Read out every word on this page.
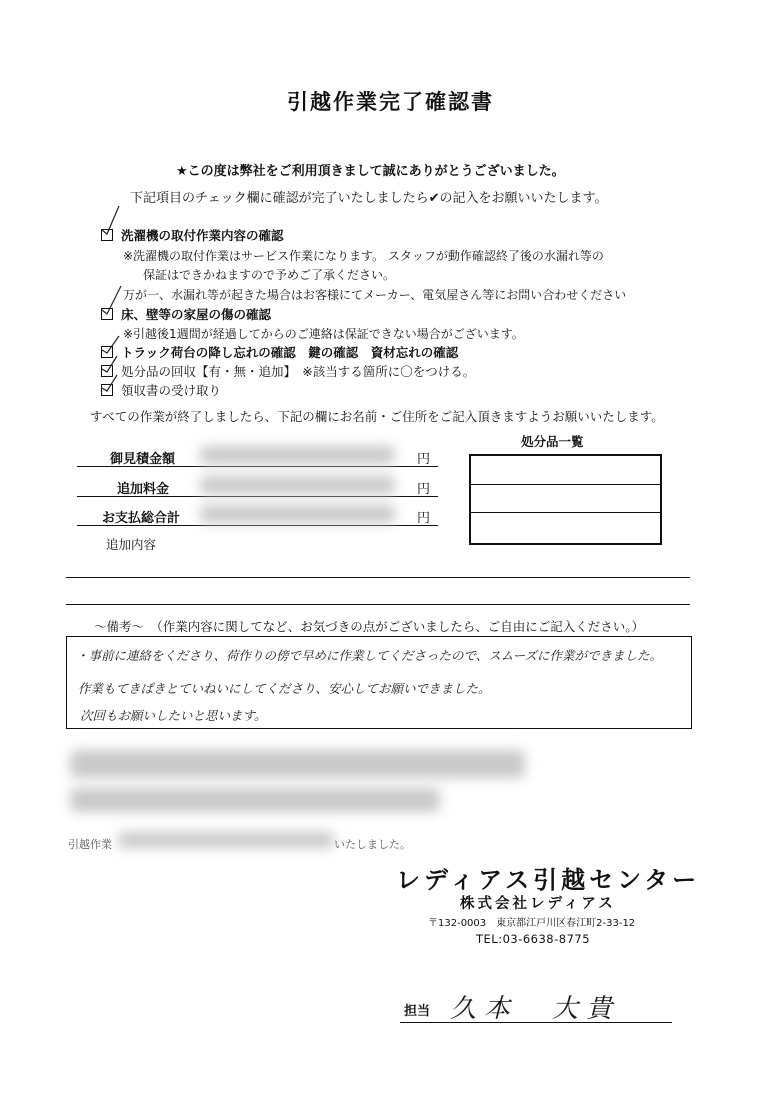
引越作業完了確認書
★この度は弊社をご利用頂きまして誠にありがとうございました。
下記項目のチェック欄に確認が完了いたしましたら✔の記入をお願いいたします。
洗濯機の取付作業内容の確認
※洗濯機の取付作業はサービス作業になります。 スタッフが動作確認終了後の水漏れ等の
保証はできかねますので予めご了承ください。
万が一、水漏れ等が起きた場合はお客様にてメーカー、電気屋さん等にお問い合わせください
床、壁等の家屋の傷の確認
※引越後1週間が経過してからのご連絡は保証できない場合がございます。
トラック荷台の降し忘れの確認　鍵の確認　資材忘れの確認
処分品の回収【有・無・追加】　※該当する箇所に〇をつける。
領収書の受け取り
すべての作業が終了しましたら、下記の欄にお名前・ご住所をご記入頂きますようお願いいたします。
御見積金額	円
追加料金	円
お支払総合計	円
追加内容
処分品一覧
～備考～　（作業内容に関してなど、お気づきの点がございましたら、ご自由にご記入ください。）
・事前に連絡をくださり、荷作りの傍で早めに作業してくださったので、スムーズに作業ができました。
作業もてきぱきとていねいにしてくださり、安心してお願いできました。
次回もお願いしたいと思います。
引越作業	いたしました。
レディアス引越センター
株式会社レディアス
〒132-0003　東京都江戸川区春江町2-33-12
TEL:03-6638-8775
担当 久本　大貴
